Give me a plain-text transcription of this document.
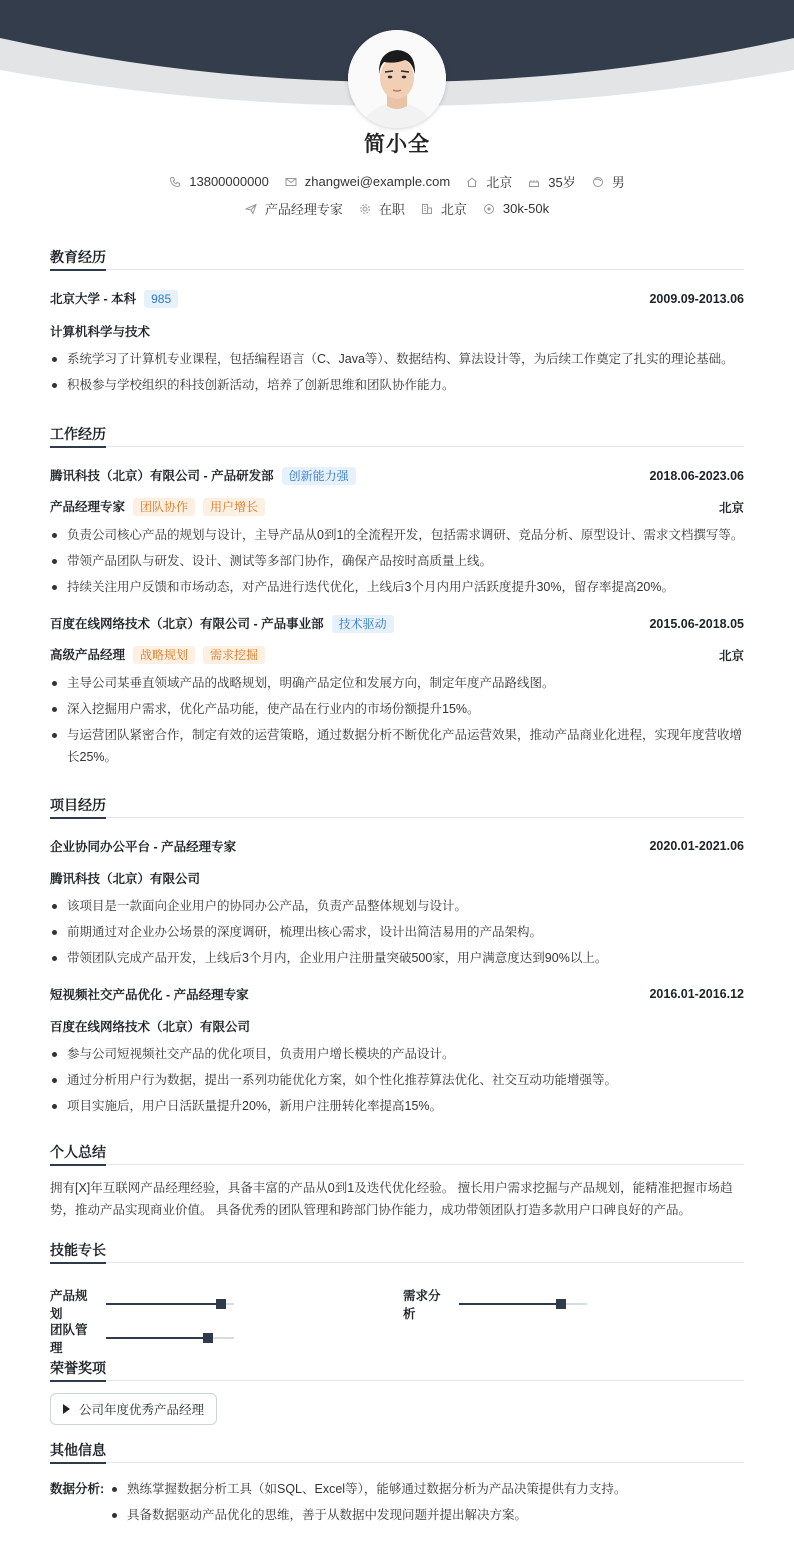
简小全
13800000000	zhangwei@example.com	北京	35岁	男
产品经理专家	在职	北京	30k-50k
教育经历
北京大学 - 本科 985	2009.09-2013.06
计算机科学与技术
系统学习了计算机专业课程，包括编程语言（C、Java等）、数据结构、算法设计等，为后续工作奠定了扎实的理论基础。
积极参与学校组织的科技创新活动，培养了创新思维和团队协作能力。
工作经历
腾讯科技（北京）有限公司 - 产品研发部 创新能力强	2018.06-2023.06
产品经理专家 团队协作 用户增长	北京
负责公司核心产品的规划与设计，主导产品从0到1的全流程开发，包括需求调研、竞品分析、原型设计、需求文档撰写等。
带领产品团队与研发、设计、测试等多部门协作，确保产品按时高质量上线。
持续关注用户反馈和市场动态，对产品进行迭代优化，上线后3个月内用户活跃度提升30%，留存率提高20%。
百度在线网络技术（北京）有限公司 - 产品事业部 技术驱动	2015.06-2018.05
高级产品经理 战略规划 需求挖掘	北京
主导公司某垂直领域产品的战略规划，明确产品定位和发展方向，制定年度产品路线图。
深入挖掘用户需求，优化产品功能，使产品在行业内的市场份额提升15%。
与运营团队紧密合作，制定有效的运营策略，通过数据分析不断优化产品运营效果，推动产品商业化进程，实现年度营收增长25%。
项目经历
企业协同办公平台 - 产品经理专家	2020.01-2021.06
腾讯科技（北京）有限公司
该项目是一款面向企业用户的协同办公产品，负责产品整体规划与设计。
前期通过对企业办公场景的深度调研，梳理出核心需求，设计出简洁易用的产品架构。
带领团队完成产品开发，上线后3个月内，企业用户注册量突破500家，用户满意度达到90%以上。
短视频社交产品优化 - 产品经理专家	2016.01-2016.12
百度在线网络技术（北京）有限公司
参与公司短视频社交产品的优化项目，负责用户增长模块的产品设计。
通过分析用户行为数据，提出一系列功能优化方案，如个性化推荐算法优化、社交互动功能增强等。
项目实施后，用户日活跃量提升20%，新用户注册转化率提高15%。
个人总结

拥有[X]年互联网产品经理经验，具备丰富的产品从0到1及迭代优化经验。 擅长用户需求挖掘与产品规划，能精准把握市场趋势，推动产品实现商业价值。 具备优秀的团队管理和跨部门协作能力，成功带领团队打造多款用户口碑良好的产品。

技能专长
产品规划
需求分析
团队管理
荣誉奖项
公司年度优秀产品经理
其他信息
数据分析:	熟练掌握数据分析工具（如SQL、Excel等），能够通过数据分析为产品决策提供有力支持。
具备数据驱动产品优化的思维，善于从数据中发现问题并提出解决方案。
